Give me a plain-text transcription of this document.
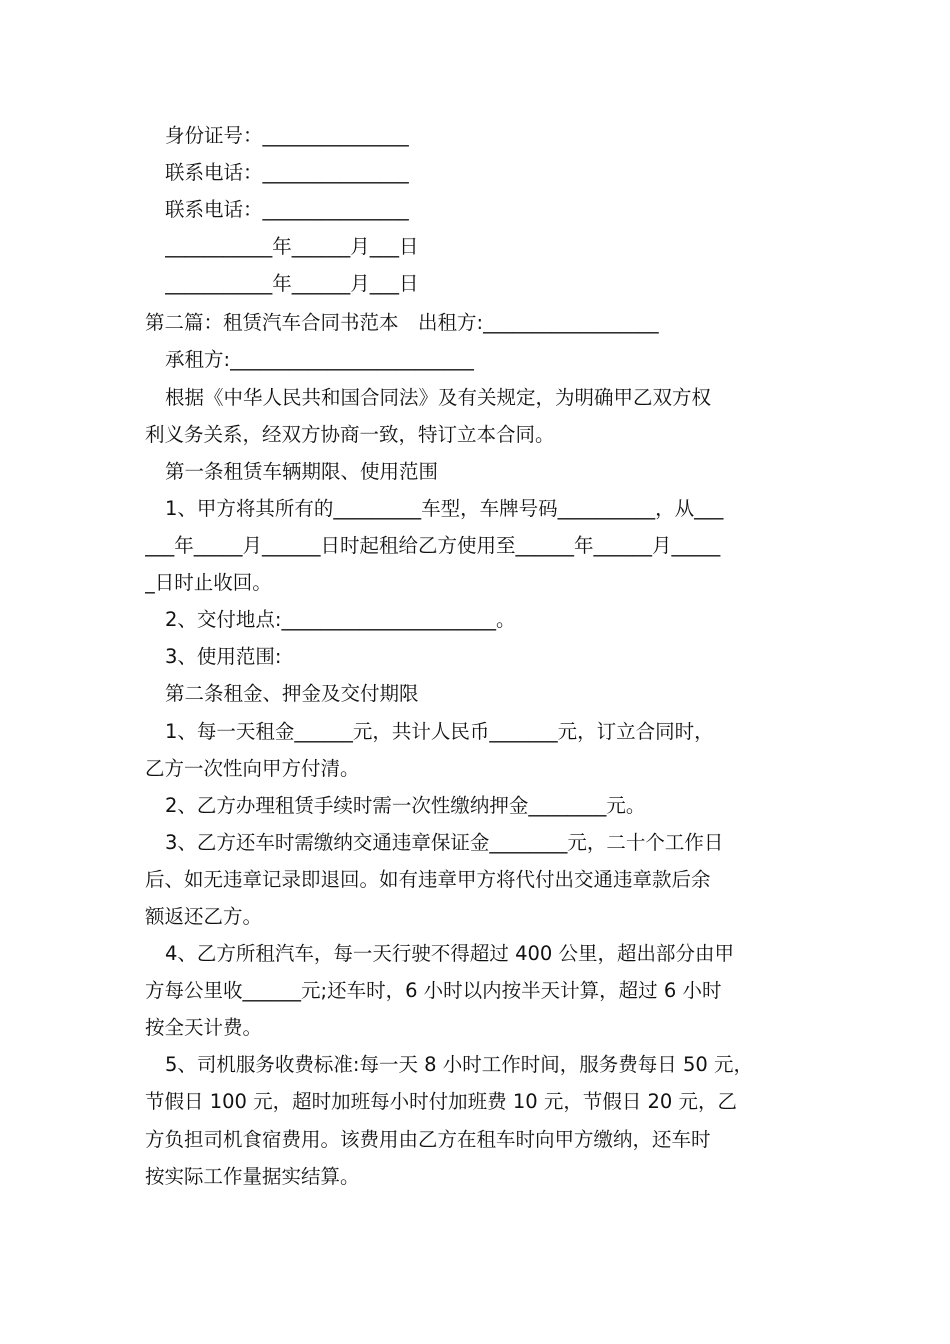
身份证号：_______________
联系电话：_______________
联系电话：_______________
___________年______月___日
___________年______月___日
第二篇：租赁汽车合同书范本　出租方:__________________
承租方:_________________________
根据《中华人民共和国合同法》及有关规定，为明确甲乙双方权
利义务关系，经双方协商一致，特订立本合同。
第一条租赁车辆期限、使用范围
1、甲方将其所有的_________车型，车牌号码__________，从___
___年_____月______日时起租给乙方使用至______年______月_____
_日时止收回。
2、交付地点:______________________。
3、使用范围:
第二条租金、押金及交付期限
1、每一天租金______元，共计人民币_______元，订立合同时，
乙方一次性向甲方付清。
2、乙方办理租赁手续时需一次性缴纳押金________元。
3、乙方还车时需缴纳交通违章保证金________元，二十个工作日
后、如无违章记录即退回。如有违章甲方将代付出交通违章款后余
额返还乙方。
4、乙方所租汽车，每一天行驶不得超过 400 公里，超出部分由甲
方每公里收______元;还车时，6 小时以内按半天计算，超过 6 小时
按全天计费。
5、司机服务收费标准:每一天 8 小时工作时间，服务费每日 50 元，
节假日 100 元，超时加班每小时付加班费 10 元，节假日 20 元，乙
方负担司机食宿费用。该费用由乙方在租车时向甲方缴纳，还车时
按实际工作量据实结算。
